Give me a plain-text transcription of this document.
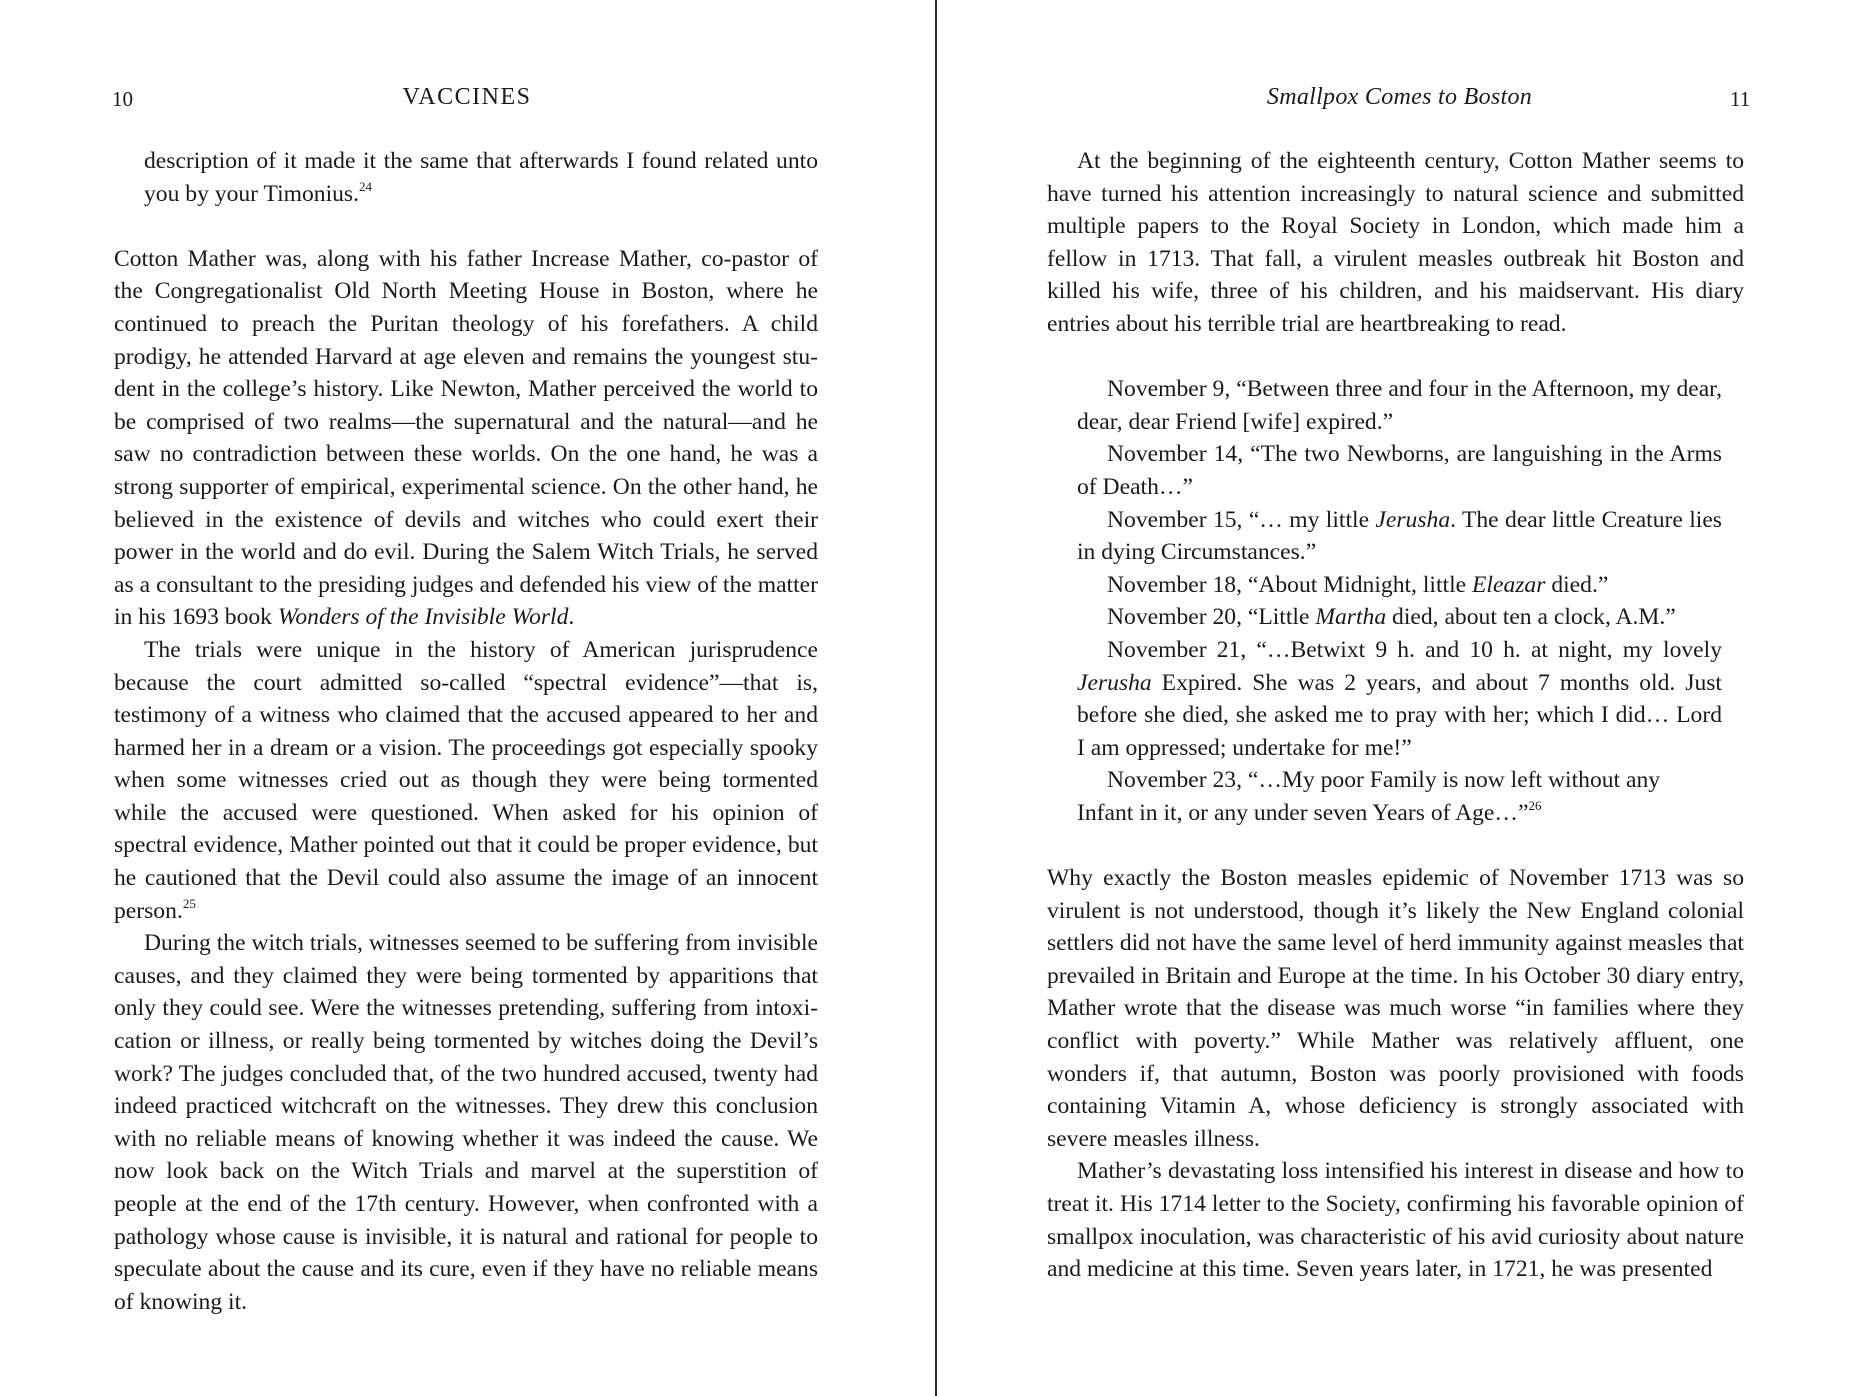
10	VACCINES

description of it made it the same that afterwards I found related unto you by your Timonius.$^{24}$

Cotton Mather was, along with his father Increase Mather, co-pastor of the Congregationalist Old North Meeting House in Boston, where he continued to preach the Puritan theology of his forefathers. A child prodigy, he attended Harvard at age eleven and remains the youngest student in the college’s history. Like Newton, Mather perceived the world to be comprised of two realms—the supernatural and the natural—and he saw no contradiction between these worlds. On the one hand, he was a strong supporter of empirical, experimental science. On the other hand, he believed in the existence of devils and witches who could exert their power in the world and do evil. During the Salem Witch Trials, he served as a consultant to the presiding judges and defended his view of the matter in his 1693 book Wonders of the Invisible World.

The trials were unique in the history of American jurisprudence because the court admitted so-called “spectral evidence”—that is, testimony of a witness who claimed that the accused appeared to her and harmed her in a dream or a vision. The proceedings got especially spooky when some witnesses cried out as though they were being tormented while the accused were questioned. When asked for his opinion of spectral evidence, Mather pointed out that it could be proper evidence, but he cautioned that the Devil could also assume the image of an innocent person.$^{25}$

During the witch trials, witnesses seemed to be suffering from invisible causes, and they claimed they were being tormented by apparitions that only they could see. Were the witnesses pretending, suffering from intoxication or illness, or really being tormented by witches doing the Devil’s work? The judges concluded that, of the two hundred accused, twenty had indeed practiced witchcraft on the witnesses. They drew this conclusion with no reliable means of knowing whether it was indeed the cause. We now look back on the Witch Trials and marvel at the superstition of people at the end of the 17th century. However, when confronted with a pathology whose cause is invisible, it is natural and rational for people to speculate about the cause and its cure, even if they have no reliable means of knowing it.

Smallpox Comes to Boston	11

At the beginning of the eighteenth century, Cotton Mather seems to have turned his attention increasingly to natural science and submitted multiple papers to the Royal Society in London, which made him a fellow in 1713. That fall, a virulent measles outbreak hit Boston and killed his wife, three of his children, and his maidservant. His diary entries about his terrible trial are heartbreaking to read.

November 9, “Between three and four in the Afternoon, my dear, dear, dear Friend [wife] expired.”

November 14, “The two Newborns, are languishing in the Arms of Death…”

November 15, “… my little Jerusha. The dear little Creature lies in dying Circumstances.”

November 18, “About Midnight, little Eleazar died.”

November 20, “Little Martha died, about ten a clock, A.M.”

November 21, “…Betwixt 9 h. and 10 h. at night, my lovely Jerusha Expired. She was 2 years, and about 7 months old. Just before she died, she asked me to pray with her; which I did… Lord I am oppressed; undertake for me!”

November 23, “…My poor Family is now left without any Infant in it, or any under seven Years of Age…”$^{26}$

Why exactly the Boston measles epidemic of November 1713 was so virulent is not understood, though it’s likely the New England colonial settlers did not have the same level of herd immunity against measles that prevailed in Britain and Europe at the time. In his October 30 diary entry, Mather wrote that the disease was much worse “in families where they conflict with poverty.” While Mather was relatively affluent, one wonders if, that autumn, Boston was poorly provisioned with foods containing Vitamin A, whose deficiency is strongly associated with severe measles illness.

Mather’s devastating loss intensified his interest in disease and how to treat it. His 1714 letter to the Society, confirming his favorable opinion of smallpox inoculation, was characteristic of his avid curiosity about nature and medicine at this time. Seven years later, in 1721, he was presented
